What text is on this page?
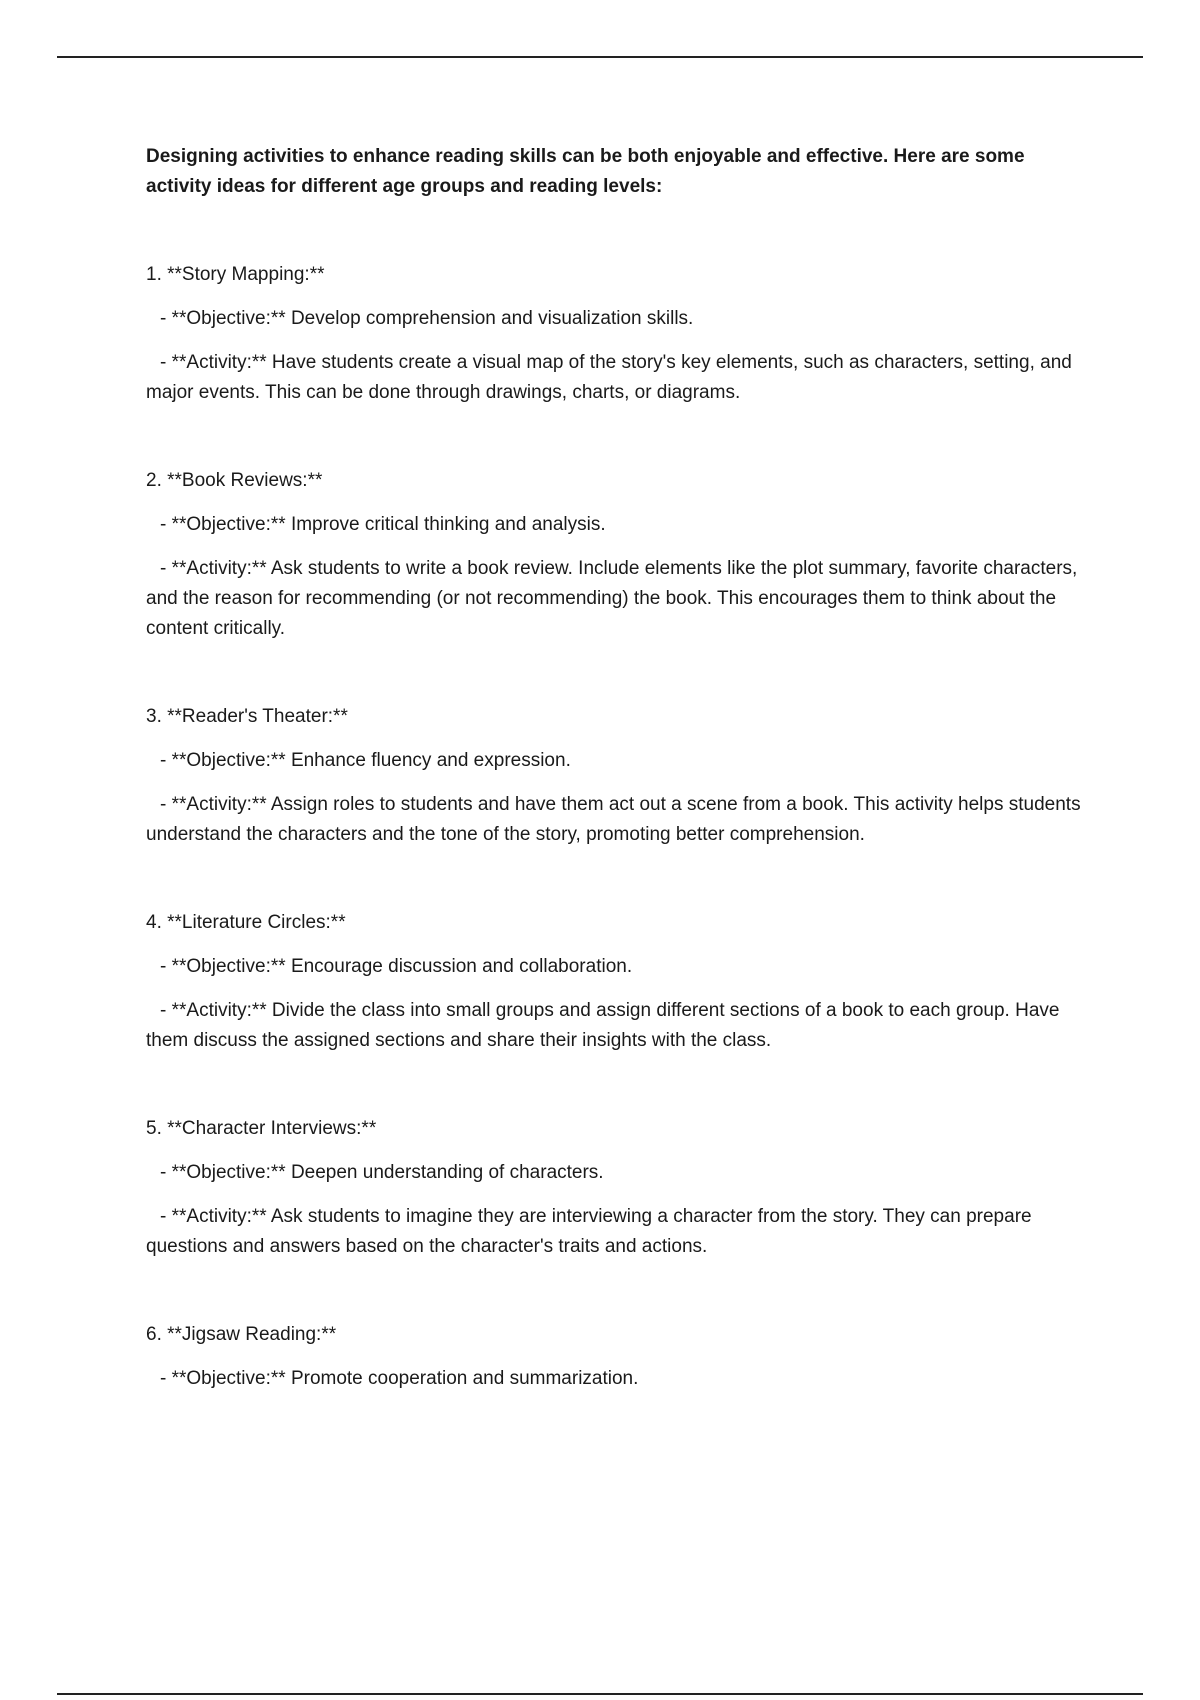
Designing activities to enhance reading skills can be both enjoyable and effective. Here are some activity ideas for different age groups and reading levels:

1. **Story Mapping:**

- **Objective:** Develop comprehension and visualization skills.

- **Activity:** Have students create a visual map of the story's key elements, such as characters, setting, and major events. This can be done through drawings, charts, or diagrams.

2. **Book Reviews:**

- **Objective:** Improve critical thinking and analysis.

- **Activity:** Ask students to write a book review. Include elements like the plot summary, favorite characters, and the reason for recommending (or not recommending) the book. This encourages them to think about the content critically.

3. **Reader's Theater:**

- **Objective:** Enhance fluency and expression.

- **Activity:** Assign roles to students and have them act out a scene from a book. This activity helps students understand the characters and the tone of the story, promoting better comprehension.

4. **Literature Circles:**

- **Objective:** Encourage discussion and collaboration.

- **Activity:** Divide the class into small groups and assign different sections of a book to each group. Have them discuss the assigned sections and share their insights with the class.

5. **Character Interviews:**

- **Objective:** Deepen understanding of characters.

- **Activity:** Ask students to imagine they are interviewing a character from the story. They can prepare questions and answers based on the character's traits and actions.

6. **Jigsaw Reading:**

- **Objective:** Promote cooperation and summarization.
